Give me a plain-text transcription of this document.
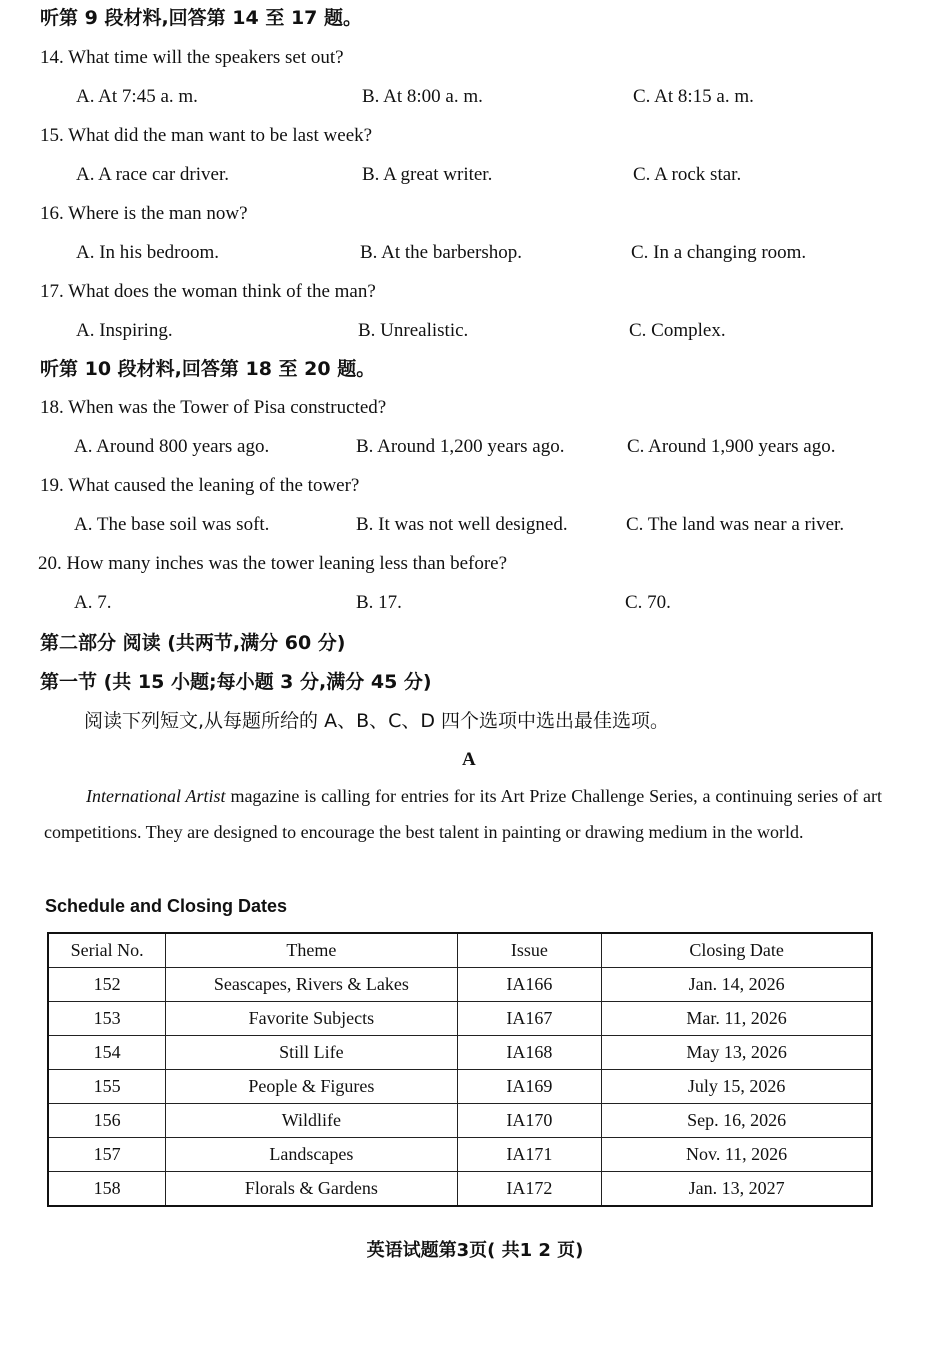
听第 9 段材料,回答第 14 至 17 题。
14. What time will the speakers set out?
A. At 7:45 a. m.	B. At 8:00 a. m.	C. At 8:15 a. m.
15. What did the man want to be last week?
A. A race car driver.	B. A great writer.	C. A rock star.
16. Where is the man now?
A. In his bedroom.	B. At the barbershop.	C. In a changing room.
17. What does the woman think of the man?
A. Inspiring.	B. Unrealistic.	C. Complex.
听第 10 段材料,回答第 18 至 20 题。
18. When was the Tower of Pisa constructed?
A. Around 800 years ago.	B. Around 1,200 years ago.	C. Around 1,900 years ago.
19. What caused the leaning of the tower?
A. The base soil was soft.	B. It was not well designed.	C. The land was near a river.
20. How many inches was the tower leaning less than before?
A. 7.	B. 17.	C. 70.
第二部分 阅读 (共两节,满分 60 分)
第一节 (共 15 小题;每小题 3 分,满分 45 分)
阅读下列短文,从每题所给的 A、B、C、D 四个选项中选出最佳选项。
A
International Artist magazine is calling for entries for its Art Prize Challenge Series, a continuing series of art competitions. They are designed to encourage the best talent in painting or drawing medium in the world.
Schedule and Closing Dates
Serial No.	Theme	Issue	Closing Date
152	Seascapes, Rivers & Lakes	IA166	Jan. 14, 2026
153	Favorite Subjects	IA167	Mar. 11, 2026
154	Still Life	IA168	May 13, 2026
155	People & Figures	IA169	July 15, 2026
156	Wildlife	IA170	Sep. 16, 2026
157	Landscapes	IA171	Nov. 11, 2026
158	Florals & Gardens	IA172	Jan. 13, 2027
英语试题第3页( 共1 2 页)
